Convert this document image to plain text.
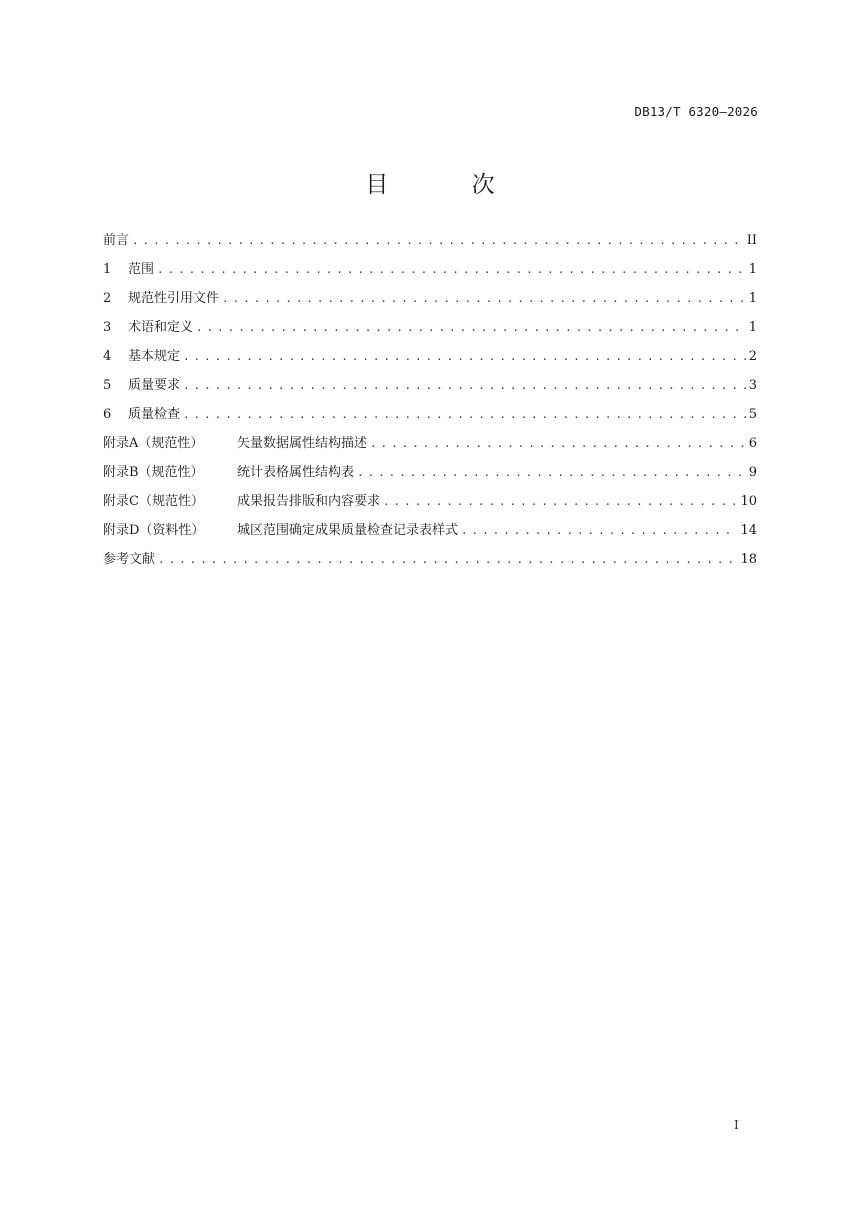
DB13/T 6320—2026
目 次
前言 . . .	II
1	范围 . . .	1
2	规范性引用文件 . . .	1
3	术语和定义 . . .	1
4	基本规定 . . .	2
5	质量要求 . . .	3
6	质量检查 . . .	5
附录A（规范性）	矢量数据属性结构描述 . . .	6
附录B（规范性）	统计表格属性结构表 . . .	9
附录C（规范性）	成果报告排版和内容要求 . . .	10
附录D（资料性）	城区范围确定成果质量检查记录表样式 . . .	14
参考文献 . . .	18
I
